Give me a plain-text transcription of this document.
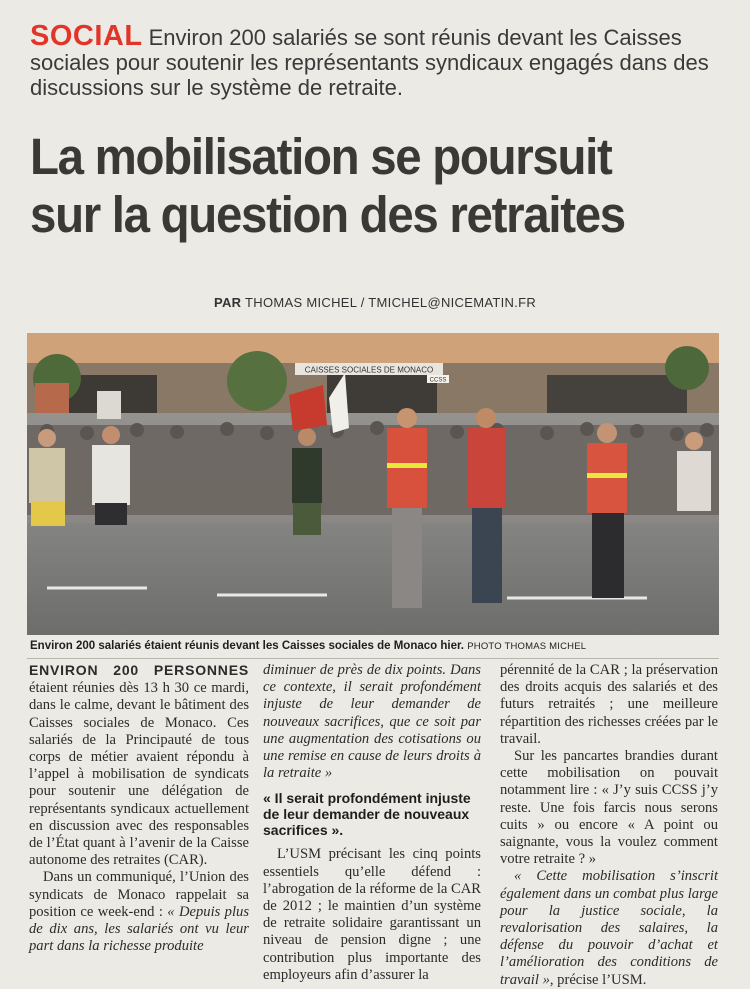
SOCIAL Environ 200 salariés se sont réunis devant les Caisses sociales pour soutenir les représentants syndicaux engagés dans des discussions sur le système de retraite.
La mobilisation se poursuit
sur la question des retraites
PAR THOMAS MICHEL / TMICHEL@NICEMATIN.FR
CAISSES SOCIALES DE MONACO
CCSS
Environ 200 salariés étaient réunis devant les Caisses sociales de Monaco hier. PHOTO THOMAS MICHEL

ENVIRON 200 PERSONNES étaient réunies dès 13 h 30 ce mardi, dans le calme, devant le bâtiment des Caisses sociales de Monaco. Ces salariés de la Principauté de tous corps de métier avaient répondu à l’appel à mobilisation de syndicats pour soutenir une délégation de représentants syndicaux actuellement en discussion avec des responsables de l’État quant à l’avenir de la Caisse autonome des retraites (CAR).

Dans un communiqué, l’Union des syndicats de Monaco rappelait sa position ce week-end : « Depuis plus de dix ans, les salariés ont vu leur part dans la richesse produite

diminuer de près de dix points. Dans ce contexte, il serait profondément injuste de leur demander de nouveaux sacrifices, que ce soit par une augmentation des cotisations ou une remise en cause de leurs droits à la retraite »

« Il serait profondément injuste de leur demander de nouveaux sacrifices ».

L’USM précisant les cinq points essentiels qu’elle défend : l’abrogation de la réforme de la CAR de 2012 ; le maintien d’un système de retraite solidaire garantissant un niveau de pension digne ; une contribution plus importante des employeurs afin d’assurer la

pérennité de la CAR ; la préservation des droits acquis des salariés et des futurs retraités ; une meilleure répartition des richesses créées par le travail.

Sur les pancartes brandies durant cette mobilisation on pouvait notamment lire : « J’y suis CCSS j’y reste. Une fois farcis nous serons cuits » ou encore « A point ou saignante, vous la voulez comment votre retraite ? »

« Cette mobilisation s’inscrit également dans un combat plus large pour la justice sociale, la revalorisation des salaires, la défense du pouvoir d’achat et l’amélioration des conditions de travail », précise l’USM.
